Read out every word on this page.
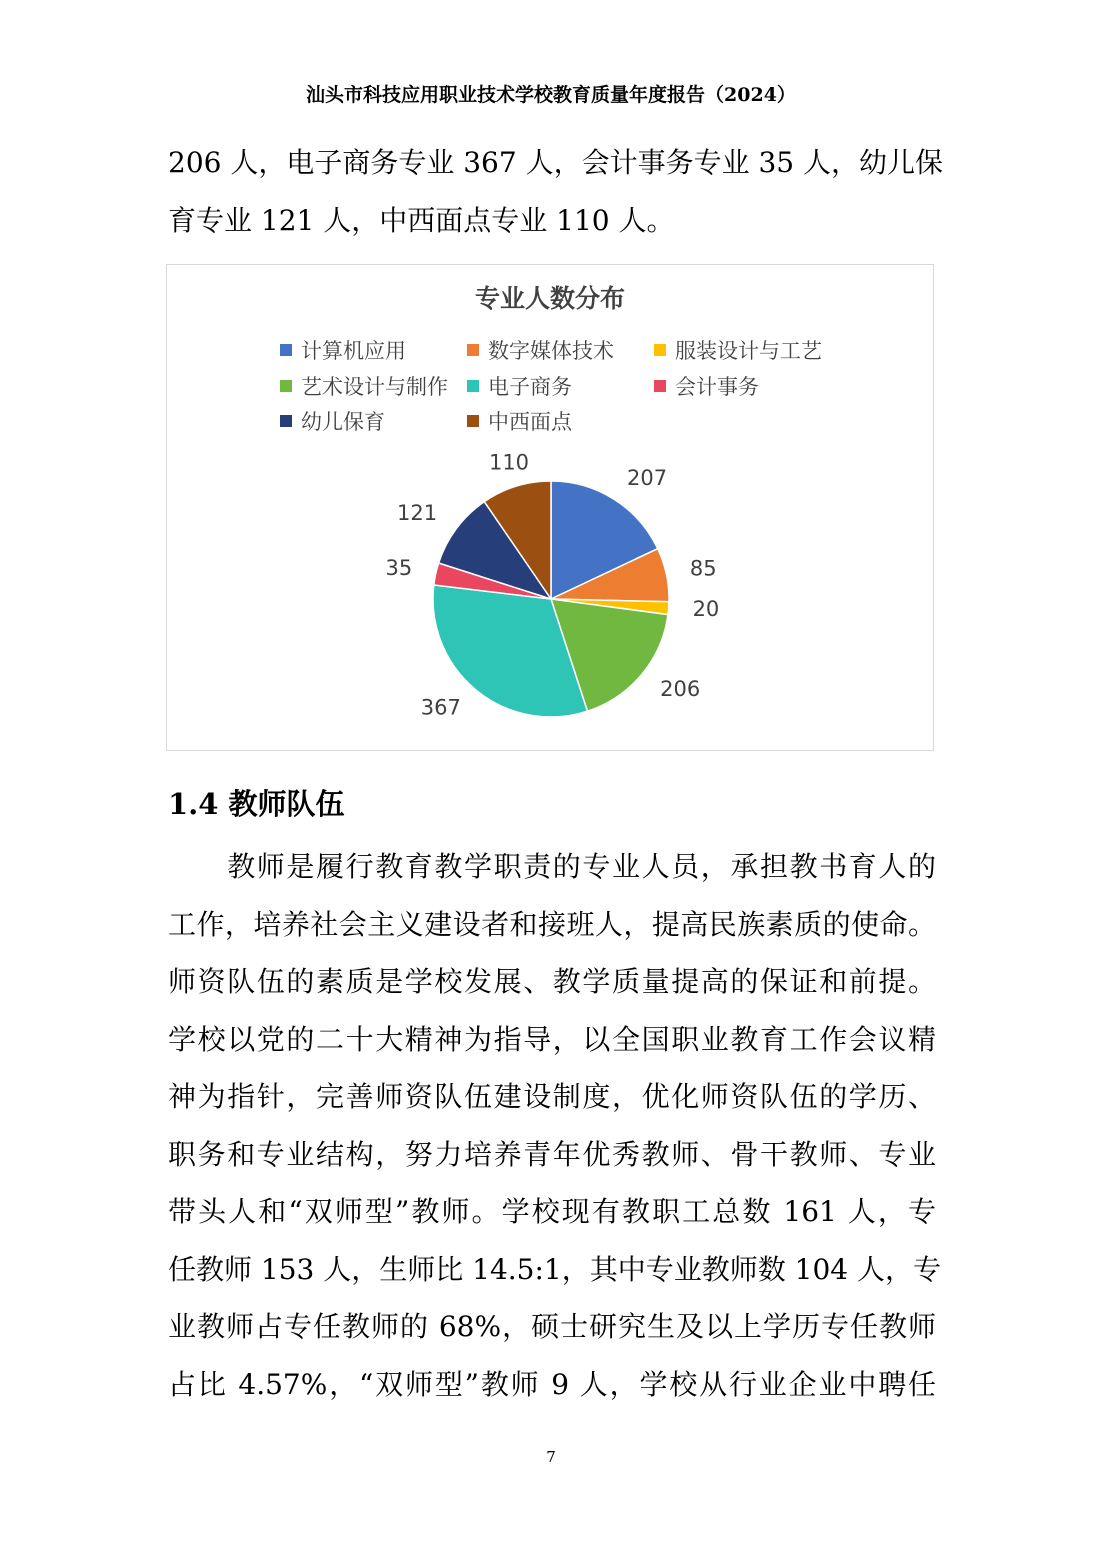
汕头市科技应用职业技术学校教育质量年度报告（2024）
206 人，电子商务专业 367 人，会计事务专业 35 人，幼儿保
育专业 121 人，中西面点专业 110 人。
专业人数分布
计算机应用	数字媒体技术	服装设计与工艺
艺术设计与制作 电子商务	会计事务
幼儿保育	中西面点
207
85
20
206
367
35
121
110
1.4 教师队伍
　　教师是履行教育教学职责的专业人员，承担教书育人的
工作，培养社会主义建设者和接班人，提高民族素质的使命。
师资队伍的素质是学校发展、教学质量提高的保证和前提。
学校以党的二十大精神为指导，以全国职业教育工作会议精
神为指针，完善师资队伍建设制度，优化师资队伍的学历、
职务和专业结构，努力培养青年优秀教师、骨干教师、专业
带头人和“双师型”教师。学校现有教职工总数 161 人，专
任教师 153 人，生师比 14.5:1，其中专业教师数 104 人，专
业教师占专任教师的 68%，硕士研究生及以上学历专任教师
占比 4.57%，“双师型”教师 9 人，学校从行业企业中聘任
7
